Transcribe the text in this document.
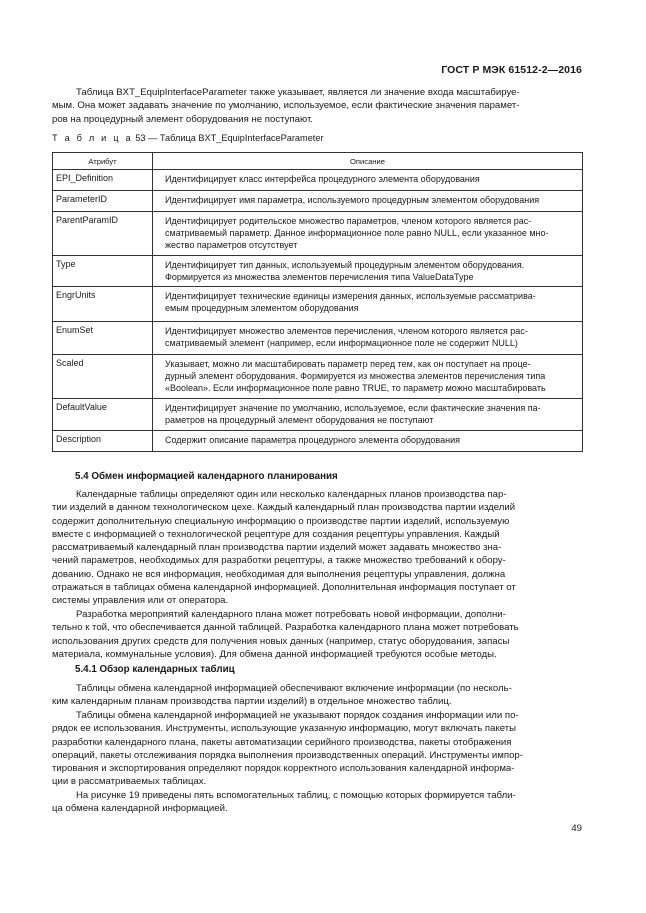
ГОСТ Р МЭК 61512-2—2016
Таблица BXT_EquipInterfaceParameter также указывает, является ли значение входа масштабируе-
мым. Она может задавать значение по умолчанию, используемое, если фактические значения парамет-
ров на процедурный элемент оборудования не поступают.
Т а б л и ц а 53 — Таблица BXT_EquipInterfaceParameter
Атрибут	Описание
EPI_Definition	Идентифицирует класс интерфейса процедурного элемента оборудования

ParameterID	Идентифицирует имя параметра, используемого процедурным элементом оборудования

ParentParamID	Идентифицирует родительское множество параметров, членом которого является рас-
сматриваемый параметр. Данное информационное поле равно NULL, если указанное мно-
жество параметров отсутствует

Type	Идентифицирует тип данных, используемый процедурным элементом оборудования.
Формируется из множества элементов перечисления типа ValueDataType

EngrUnits	Идентифицирует технические единицы измерения данных, используемые рассматрива-
емым процедурным элементом оборудования

EnumSet	Идентифицирует множество элементов перечисления, членом которого является рас-
сматриваемый элемент (например, если информационное поле не содержит NULL)

Scaled	Указывает, можно ли масштабировать параметр перед тем, как он поступает на проце-
дурный элемент оборудования. Формируется из множества элементов перечисления типа
«Boolean». Если информационное поле равно TRUE, то параметр можно масштабировать

DefaultValue	Идентифицирует значение по умолчанию, используемое, если фактические значения па-
раметров на процедурный элемент оборудования не поступают

Description	Содержит описание параметра процедурного элемента оборудования
5.4 Обмен информацией календарного планирования
Календарные таблицы определяют один или несколько календарных планов производства пар-
тии изделий в данном технологическом цехе. Каждый календарный план производства партии изделий
содержит дополнительную специальную информацию о производстве партии изделий, используемую
вместе с информацией о технологической рецептуре для создания рецептуры управления. Каждый
рассматриваемый календарный план производства партии изделий может задавать множество зна-
чений параметров, необходимых для разработки рецептуры, а также множество требований к обору-
дованию. Однако не вся информация, необходимая для выполнения рецептуры управления, должна
отражаться в таблицах обмена календарной информацией. Дополнительная информация поступает от
системы управления или от оператора.
Разработка мероприятий календарного плана может потребовать новой информации, дополни-
тельно к той, что обеспечивается данной таблицей. Разработка календарного плана может потребовать
использования других средств для получения новых данных (например, статус оборудования, запасы
материала, коммунальные условия). Для обмена данной информацией требуются особые методы.
5.4.1 Обзор календарных таблиц
Таблицы обмена календарной информацией обеспечивают включение информации (по несколь-
ким календарным планам производства партии изделий) в отдельное множество таблиц.
Таблицы обмена календарной информацией не указывают порядок создания информации или по-
рядок ее использования. Инструменты, использующие указанную информацию, могут включать пакеты
разработки календарного плана, пакеты автоматизации серийного производства, пакеты отображения
операций, пакеты отслеживания порядка выполнения производственных операций. Инструменты импор-
тирования и экспортирования определяют порядок корректного использования календарной информа-
ции в рассматриваемых таблицах.
На рисунке 19 приведены пять вспомогательных таблиц, с помощью которых формируется табли-
ца обмена календарной информацией.
49
